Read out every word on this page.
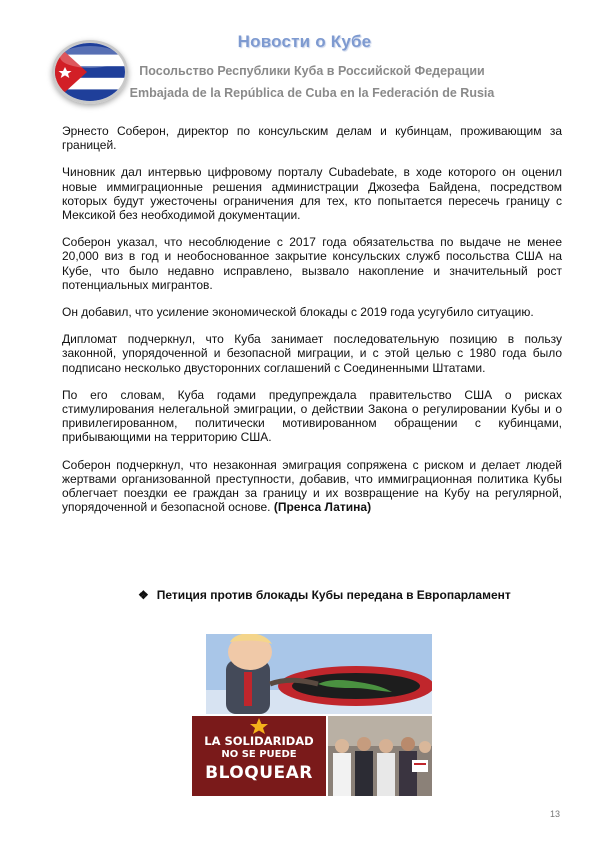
Новости о Кубе
Посольство Республики Куба в Российской Федерации
Embajada de la República de Cuba en la Federación de Rusia

Эрнесто Соберон, директор по консульским делам и кубинцам, проживающим за границей.

Чиновник дал интервью цифровому порталу Cubadebate, в ходе которого он оценил новые иммиграционные решения администрации Джозефа Байдена, посредством которых будут ужесточены ограничения для тех, кто попытается пересечь границу с Мексикой без необходимой документации.

Соберон указал, что несоблюдение с 2017 года обязательства по выдаче не менее 20,000 виз в год и необоснованное закрытие консульских служб посольства США на Кубе, что было недавно исправлено, вызвало накопление и значительный рост потенциальных мигрантов.

Он добавил, что усиление экономической блокады с 2019 года усугубило ситуацию.

Дипломат подчеркнул, что Куба занимает последовательную позицию в пользу законной, упорядоченной и безопасной миграции, и с этой целью с 1980 года было подписано несколько двусторонних соглашений с Соединенными Штатами.

По его словам, Куба годами предупреждала правительство США о рисках стимулирования нелегальной эмиграции, о действии Закона о регулировании Кубы и о привилегированном, политически мотивированном обращении с кубинцами, прибывающими на территорию США.

Соберон подчеркнул, что незаконная эмиграция сопряжена с риском и делает людей жертвами организованной преступности, добавив, что иммиграционная политика Кубы облегчает поездки ее граждан за границу и их возвращение на Кубу на регулярной, упорядоченной и безопасной основе. (Пренса Латина)

❖ Петиция против блокады Кубы передана в Европарламент
LA SOLIDARIDAD
NO SE PUEDE
BLOQUEAR
13
